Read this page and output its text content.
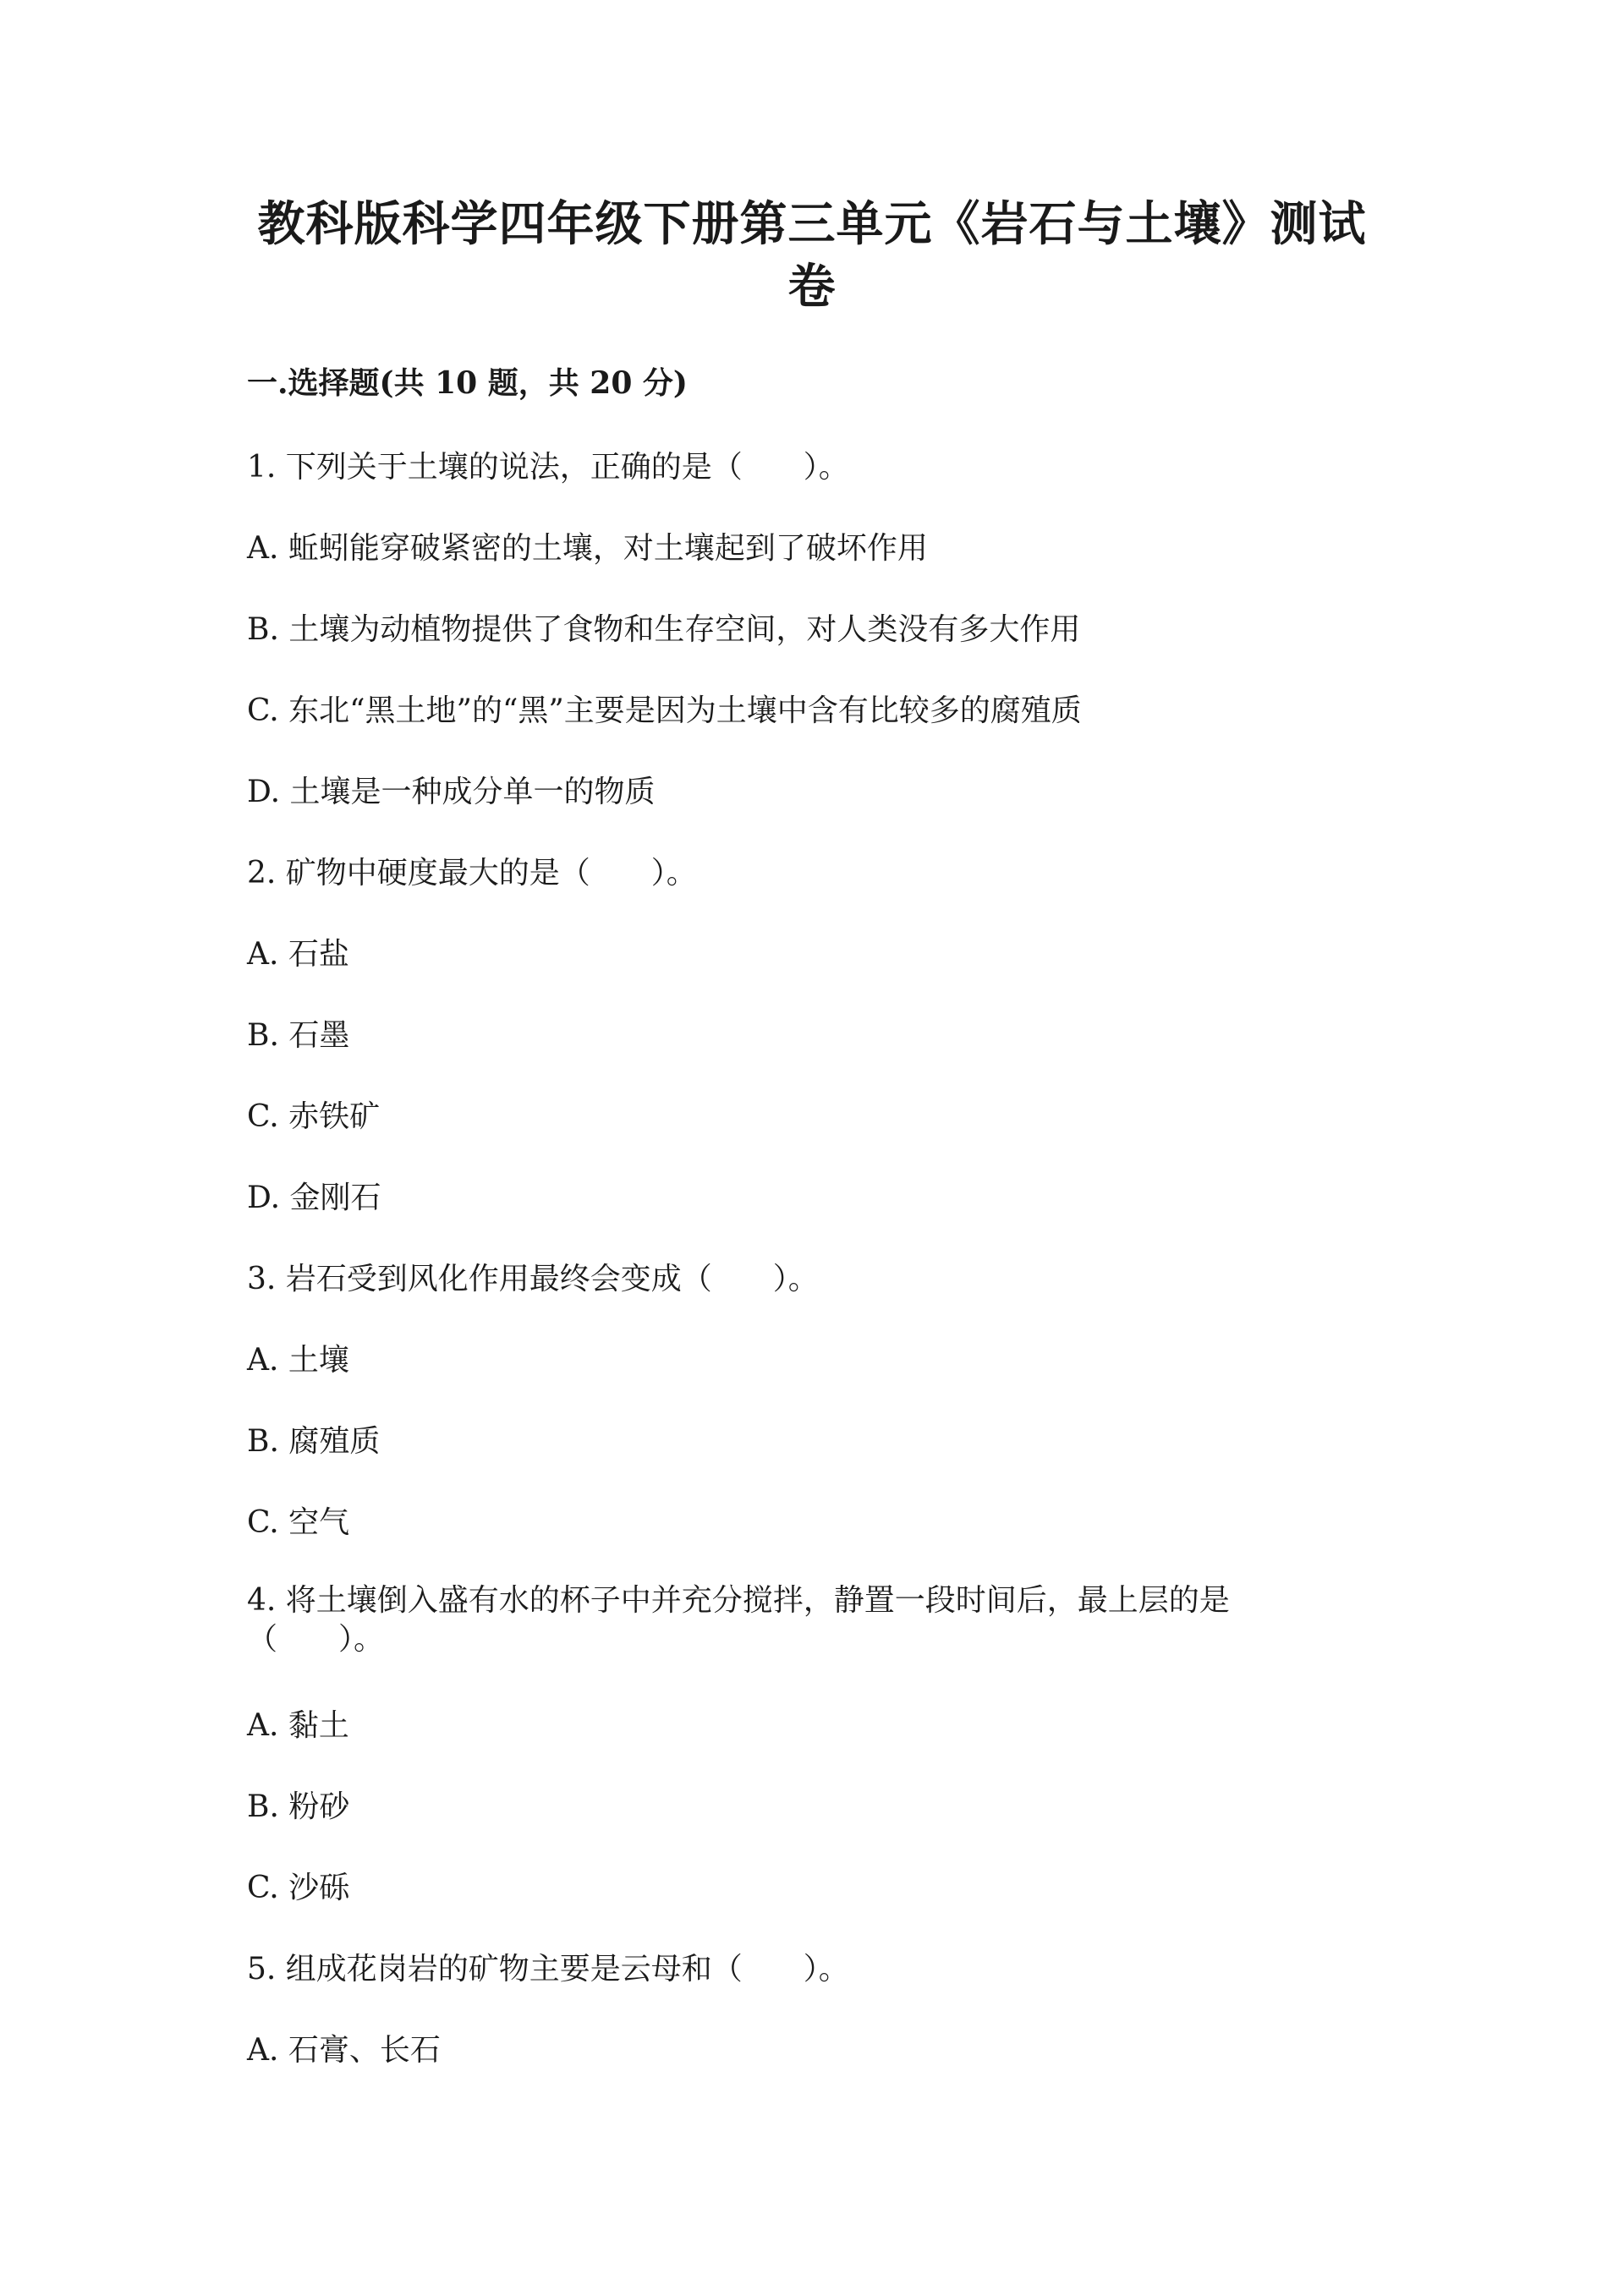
教科版科学四年级下册第三单元《岩石与土壤》测试卷
一.选择题(共 10 题，共 20 分)
1. 下列关于土壤的说法，正确的是（　　）。
A. 蚯蚓能穿破紧密的土壤，对土壤起到了破坏作用
B. 土壤为动植物提供了食物和生存空间，对人类没有多大作用
C. 东北“黑土地”的“黑”主要是因为土壤中含有比较多的腐殖质
D. 土壤是一种成分单一的物质
2. 矿物中硬度最大的是（　　）。
A. 石盐
B. 石墨
C. 赤铁矿
D. 金刚石
3. 岩石受到风化作用最终会变成（　　）。
A. 土壤
B. 腐殖质
C. 空气
4. 将土壤倒入盛有水的杯子中并充分搅拌，静置一段时间后，最上层的是（　　）。
A. 黏土
B. 粉砂
C. 沙砾
5. 组成花岗岩的矿物主要是云母和（　　）。
A. 石膏、长石
